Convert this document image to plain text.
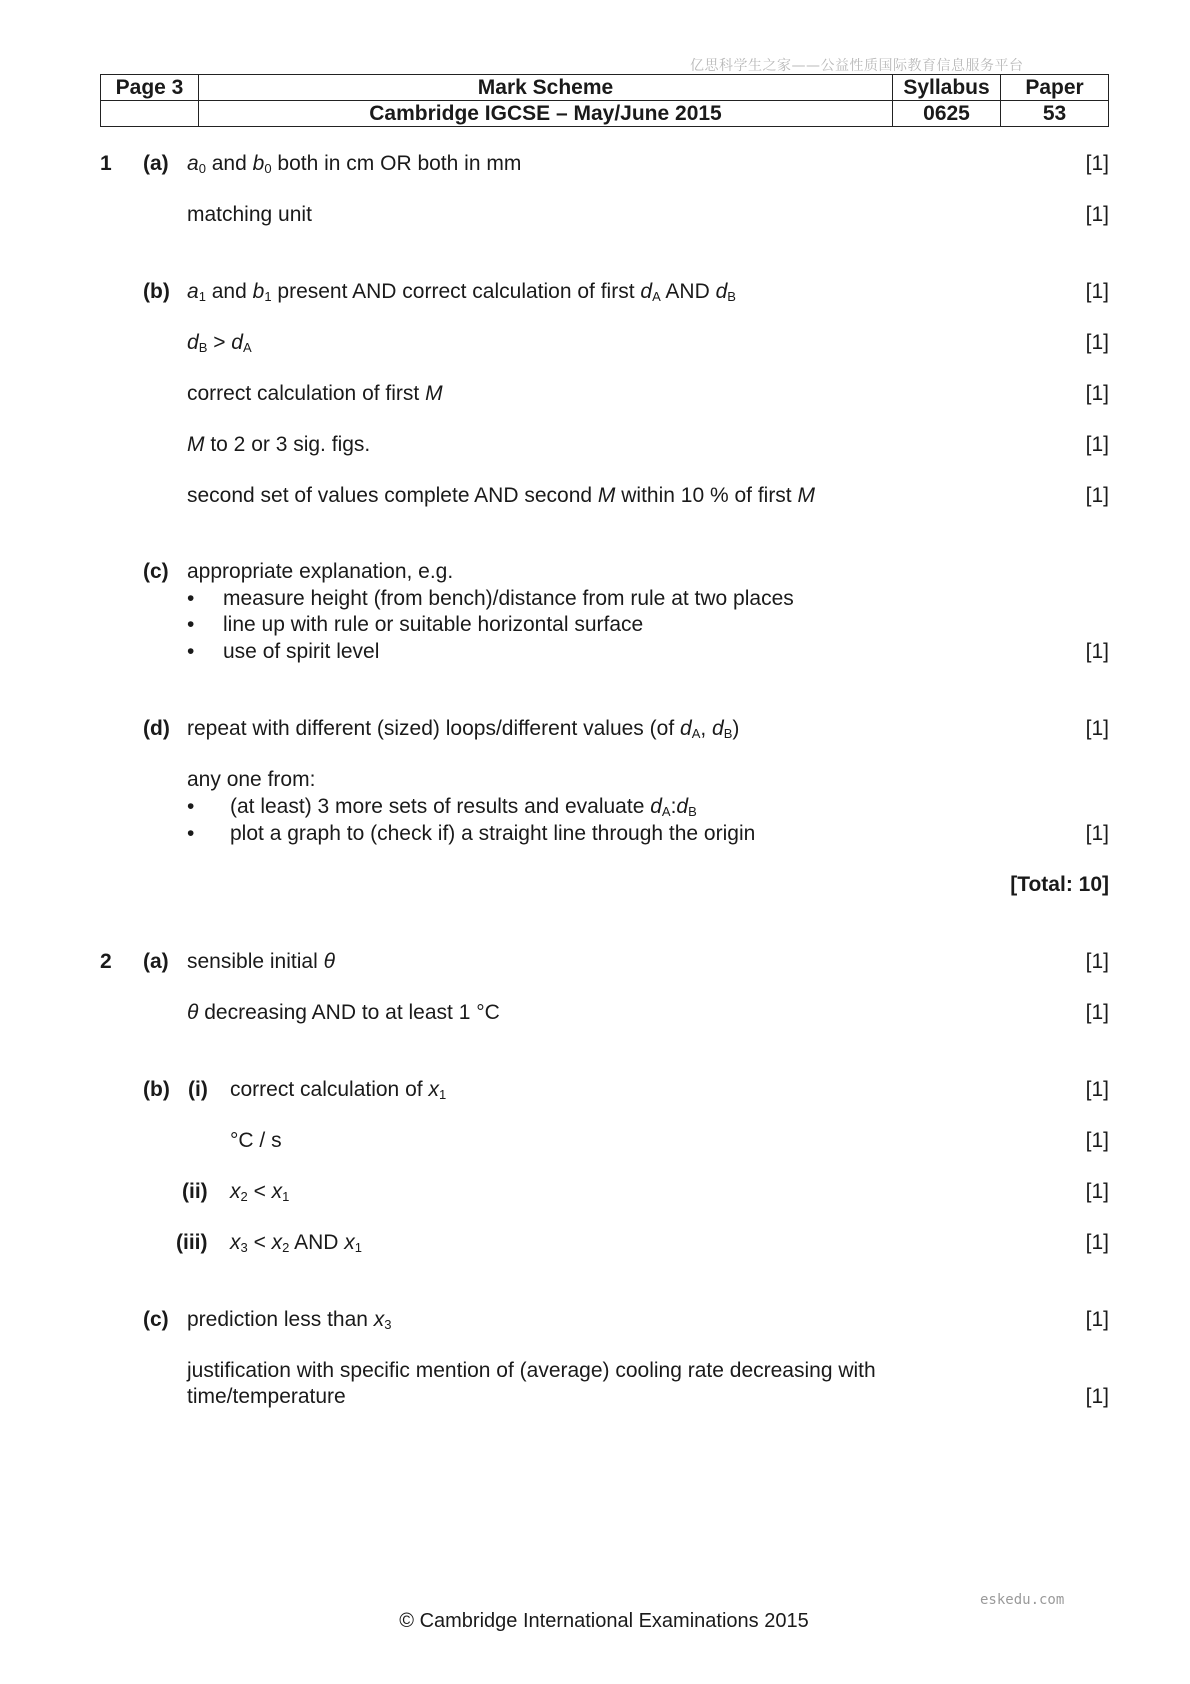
亿思科学生之家——公益性质国际教育信息服务平台
Page 3	Mark Scheme	Syllabus	Paper
	Cambridge IGCSE – May/June 2015	0625	53
1 (a) $a_0$ and $b_0$ both in cm OR both in mm	[1]
matching unit	[1]
(b) $a_1$ and $b_1$ present AND correct calculation of first $d_A$ AND $d_B$	[1]
$d_B > d_A$	[1]
correct calculation of first M	[1]
M to 2 or 3 sig. figs.	[1]
second set of values complete AND second M within 10 % of first M	[1]
(c) appropriate explanation, e.g.
• measure height (from bench)/distance from rule at two places
• line up with rule or suitable horizontal surface
• use of spirit level	[1]
(d) repeat with different (sized) loops/different values (of $d_A$, $d_B$)	[1]
any one from:
• (at least) 3 more sets of results and evaluate $d_A:d_B$
• plot a graph to (check if) a straight line through the origin	[1]
[Total: 10]
2 (a) sensible initial θ	[1]
θ decreasing AND to at least 1 °C	[1]
(b) (i) correct calculation of $x_1$	[1]
°C / s	[1]
(ii) $x_2 < x_1$	[1]
(iii) $x_3 < x_2$ AND $x_1$	[1]
(c) prediction less than $x_3$	[1]
justification with specific mention of (average) cooling rate decreasing with
time/temperature	[1]
eskedu.com
© Cambridge International Examinations 2015
